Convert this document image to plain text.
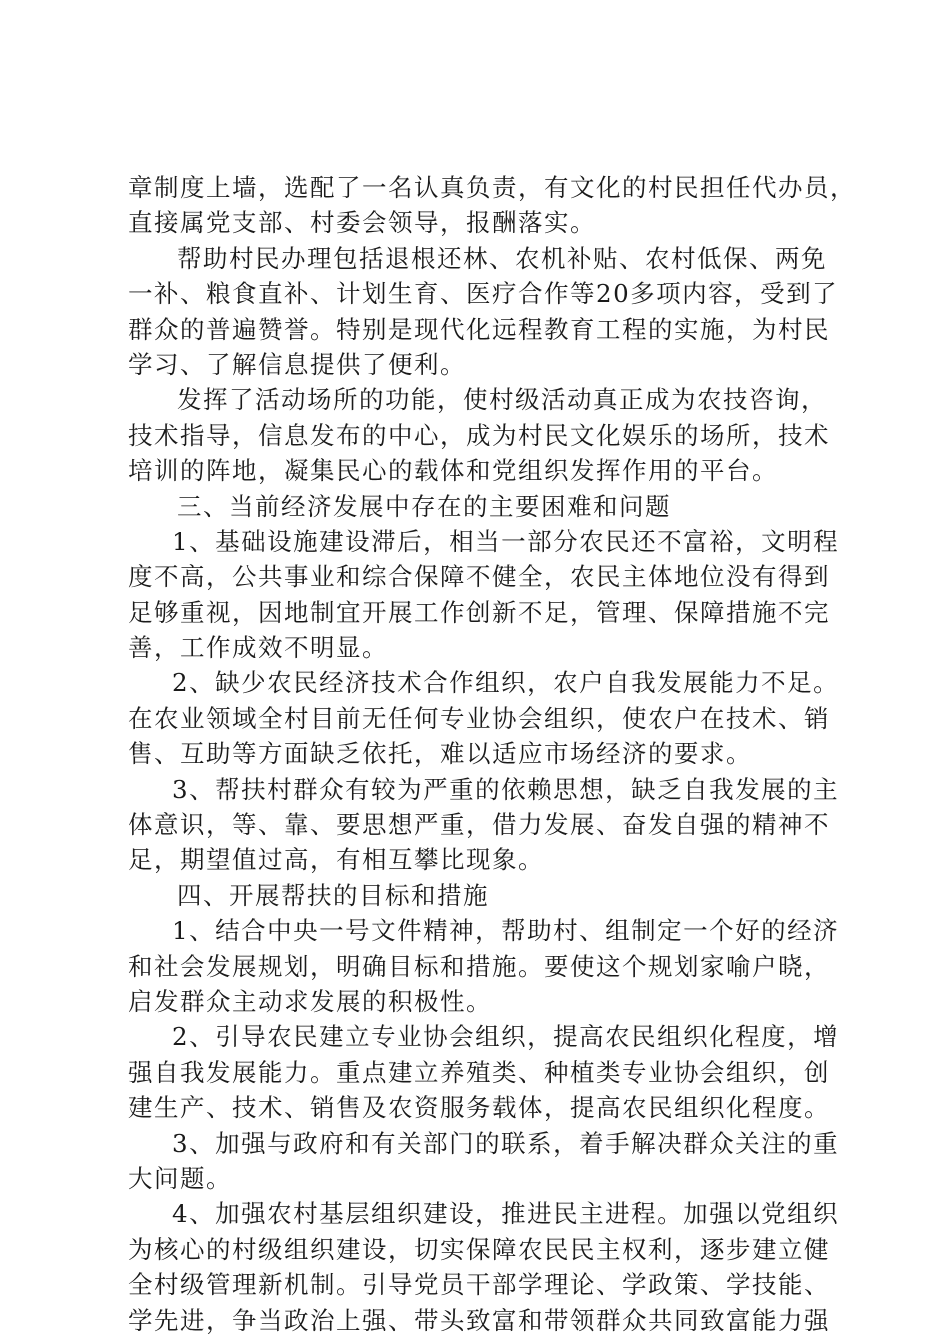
章制度上墙，选配了一名认真负责，有文化的村民担任代办员，
直接属党支部、村委会领导，报酬落实。
帮助村民办理包括退根还林、农机补贴、农村低保、两免
一补、粮食直补、计划生育、医疗合作等20多项内容，受到了
群众的普遍赞誉。特别是现代化远程教育工程的实施，为村民
学习、了解信息提供了便利。
发挥了活动场所的功能，使村级活动真正成为农技咨询，
技术指导，信息发布的中心，成为村民文化娱乐的场所，技术
培训的阵地，凝集民心的载体和党组织发挥作用的平台。
三、当前经济发展中存在的主要困难和问题
1、基础设施建设滞后，相当一部分农民还不富裕，文明程
度不高，公共事业和综合保障不健全，农民主体地位没有得到
足够重视，因地制宜开展工作创新不足，管理、保障措施不完
善，工作成效不明显。
2、缺少农民经济技术合作组织，农户自我发展能力不足。
在农业领域全村目前无任何专业协会组织，使农户在技术、销
售、互助等方面缺乏依托，难以适应市场经济的要求。
3、帮扶村群众有较为严重的依赖思想，缺乏自我发展的主
体意识，等、靠、要思想严重，借力发展、奋发自强的精神不
足，期望值过高，有相互攀比现象。
四、开展帮扶的目标和措施
1、结合中央一号文件精神，帮助村、组制定一个好的经济
和社会发展规划，明确目标和措施。要使这个规划家喻户晓，
启发群众主动求发展的积极性。
2、引导农民建立专业协会组织，提高农民组织化程度，增
强自我发展能力。重点建立养殖类、种植类专业协会组织，创
建生产、技术、销售及农资服务载体，提高农民组织化程度。
3、加强与政府和有关部门的联系，着手解决群众关注的重
大问题。
4、加强农村基层组织建设，推进民主进程。加强以党组织
为核心的村级组织建设，切实保障农民民主权利，逐步建立健
全村级管理新机制。引导党员干部学理论、学政策、学技能、
学先进，争当政治上强、带头致富和带领群众共同致富能力强
